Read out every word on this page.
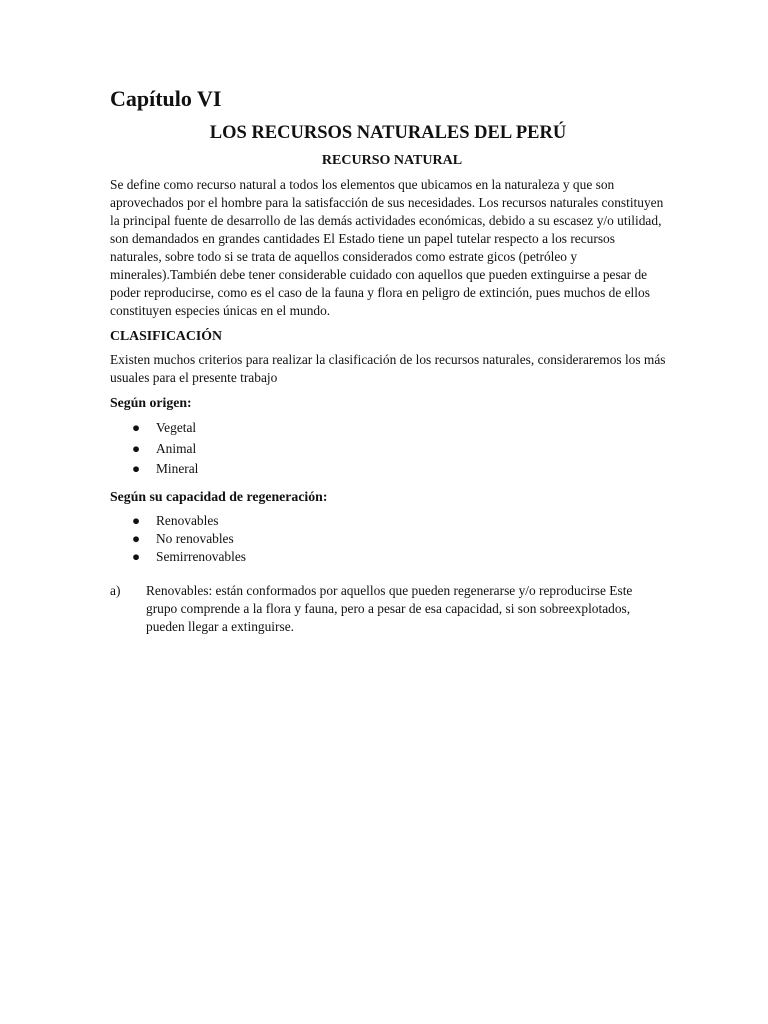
Capítulo VI
LOS RECURSOS NATURALES DEL PERÚ
RECURSO NATURAL

Se define como recurso natural a todos los elementos que ubicamos en la naturaleza y que son aprovechados por el hombre para la satisfacción de sus necesidades. Los recursos naturales constituyen la principal fuente de desarrollo de las demás actividades económicas, debido a su escasez y/o utilidad, son demandados en grandes cantidades El Estado tiene un papel tutelar respecto a los recursos naturales, sobre todo si se trata de aquellos considerados como estrate gicos (petróleo y minerales).También debe tener considerable cuidado con aquellos que pueden extinguirse a pesar de poder reproducirse, como es el caso de la fauna y flora en peligro de extinción, pues muchos de ellos constituyen especies únicas en el mundo.

CLASIFICACIÓN

Existen muchos criterios para realizar la clasificación de los recursos naturales, consideraremos los más usuales para el presente trabajo

Según origen:
● Vegetal
● Animal
● Mineral
Según su capacidad de regeneración:
● Renovables
● No renovables
● Semirrenovables
a) Renovables: están conformados por aquellos que pueden regenerarse y/o reproducirse Este grupo comprende a la flora y fauna, pero a pesar de esa capacidad, si son sobreexplotados, pueden llegar a extinguirse.
